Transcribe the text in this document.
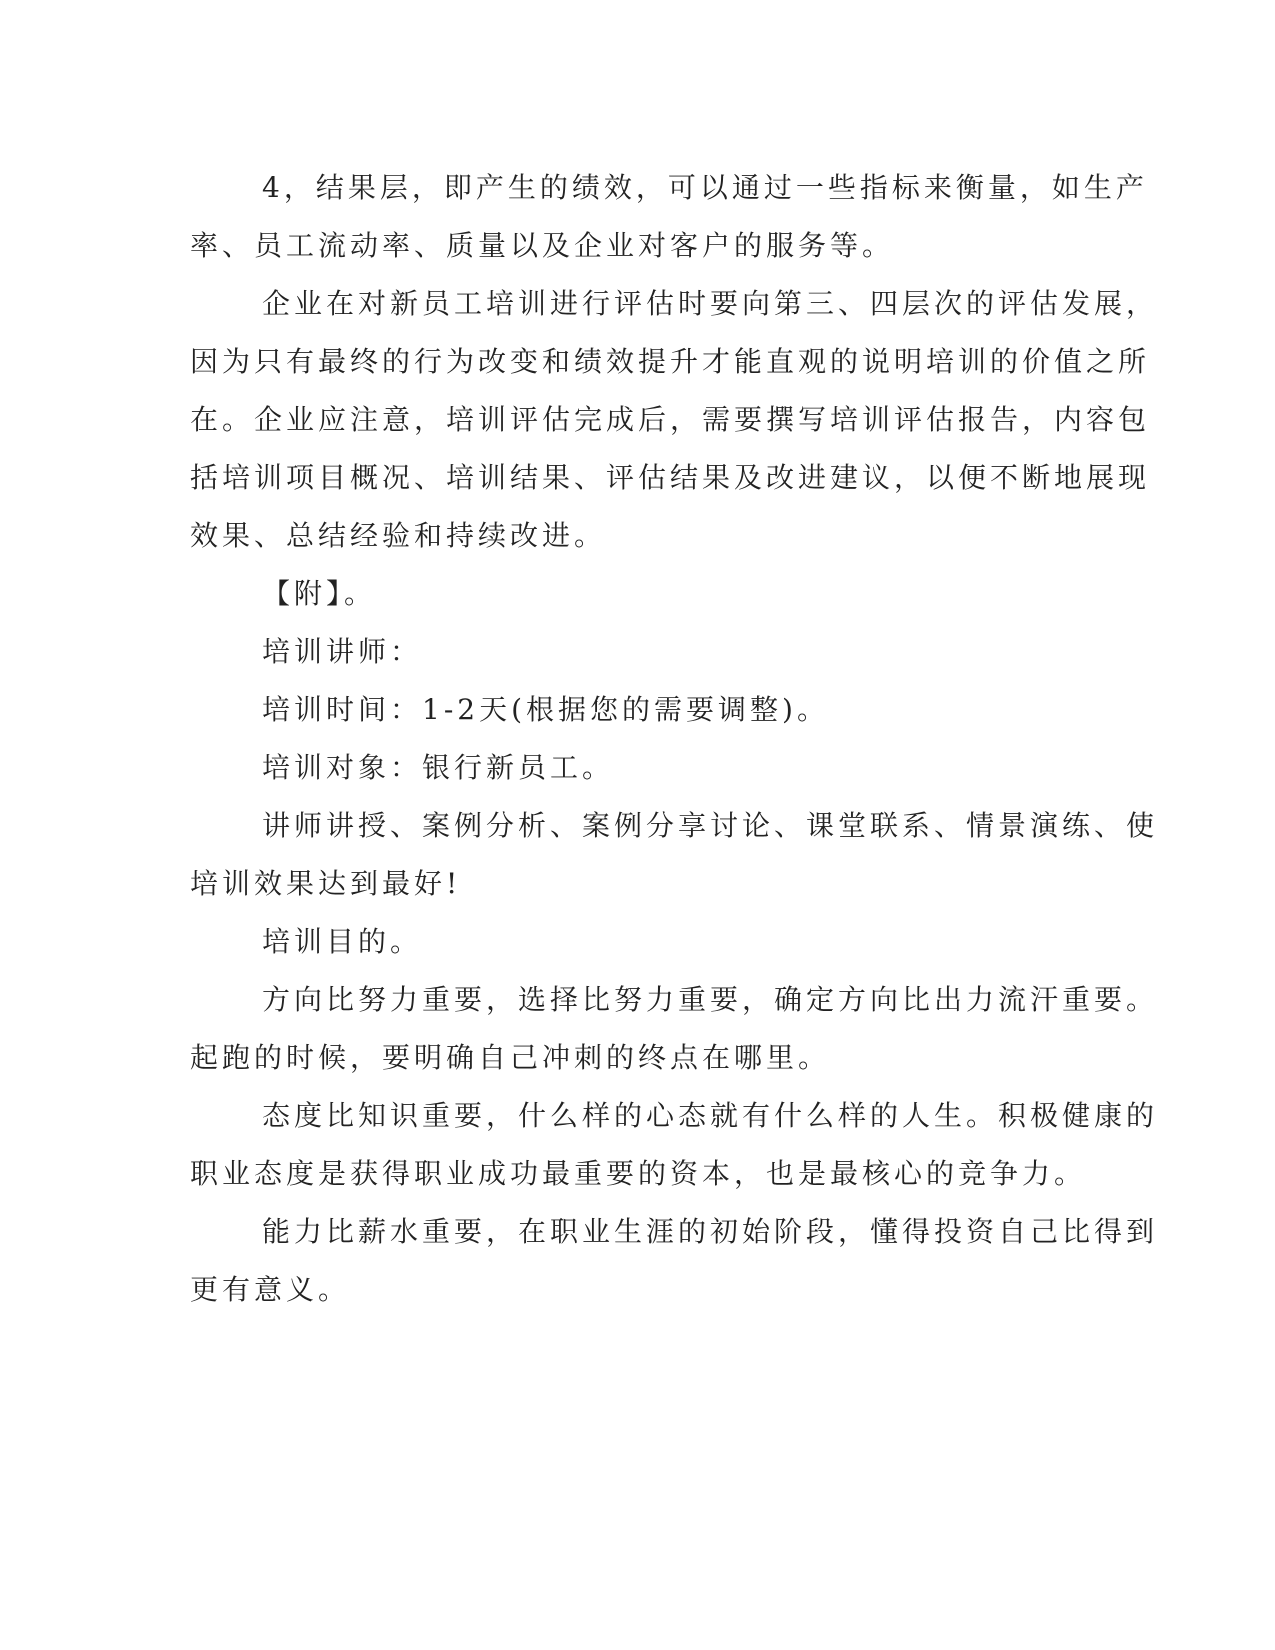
4，结果层，即产生的绩效，可以通过一些指标来衡量，如生产

率、员工流动率、质量以及企业对客户的服务等。

企业在对新员工培训进行评估时要向第三、四层次的评估发展，

因为只有最终的行为改变和绩效提升才能直观的说明培训的价值之所

在。企业应注意，培训评估完成后，需要撰写培训评估报告，内容包

括培训项目概况、培训结果、评估结果及改进建议，以便不断地展现

效果、总结经验和持续改进。

【附】。

培训讲师：

培训时间：1-2天(根据您的需要调整)。

培训对象：银行新员工。

讲师讲授、案例分析、案例分享讨论、课堂联系、情景演练、使

培训效果达到最好!

培训目的。

方向比努力重要，选择比努力重要，确定方向比出力流汗重要。

起跑的时候，要明确自己冲刺的终点在哪里。

态度比知识重要，什么样的心态就有什么样的人生。积极健康的

职业态度是获得职业成功最重要的资本，也是最核心的竞争力。

能力比薪水重要，在职业生涯的初始阶段，懂得投资自己比得到

更有意义。
